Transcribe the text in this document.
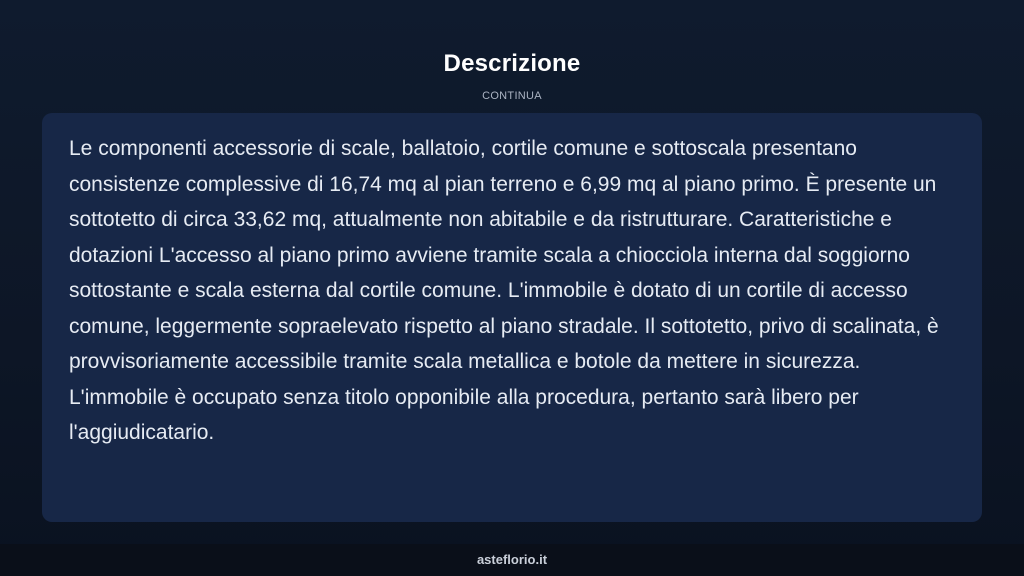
Descrizione
CONTINUA

Le componenti accessorie di scale, ballatoio, cortile comune e sottoscala presentano consistenze complessive di 16,74 mq al pian terreno e 6,99 mq al piano primo. È presente un sottotetto di circa 33,62 mq, attualmente non abitabile e da ristrutturare. Caratteristiche e dotazioni L'accesso al piano primo avviene tramite scala a chiocciola interna dal soggiorno sottostante e scala esterna dal cortile comune. L'immobile è dotato di un cortile di accesso comune, leggermente sopraelevato rispetto al piano stradale. Il sottotetto, privo di scalinata, è provvisoriamente accessibile tramite scala metallica e botole da mettere in sicurezza. L'immobile è occupato senza titolo opponibile alla procedura, pertanto sarà libero per l'aggiudicatario.

asteflorio.it
